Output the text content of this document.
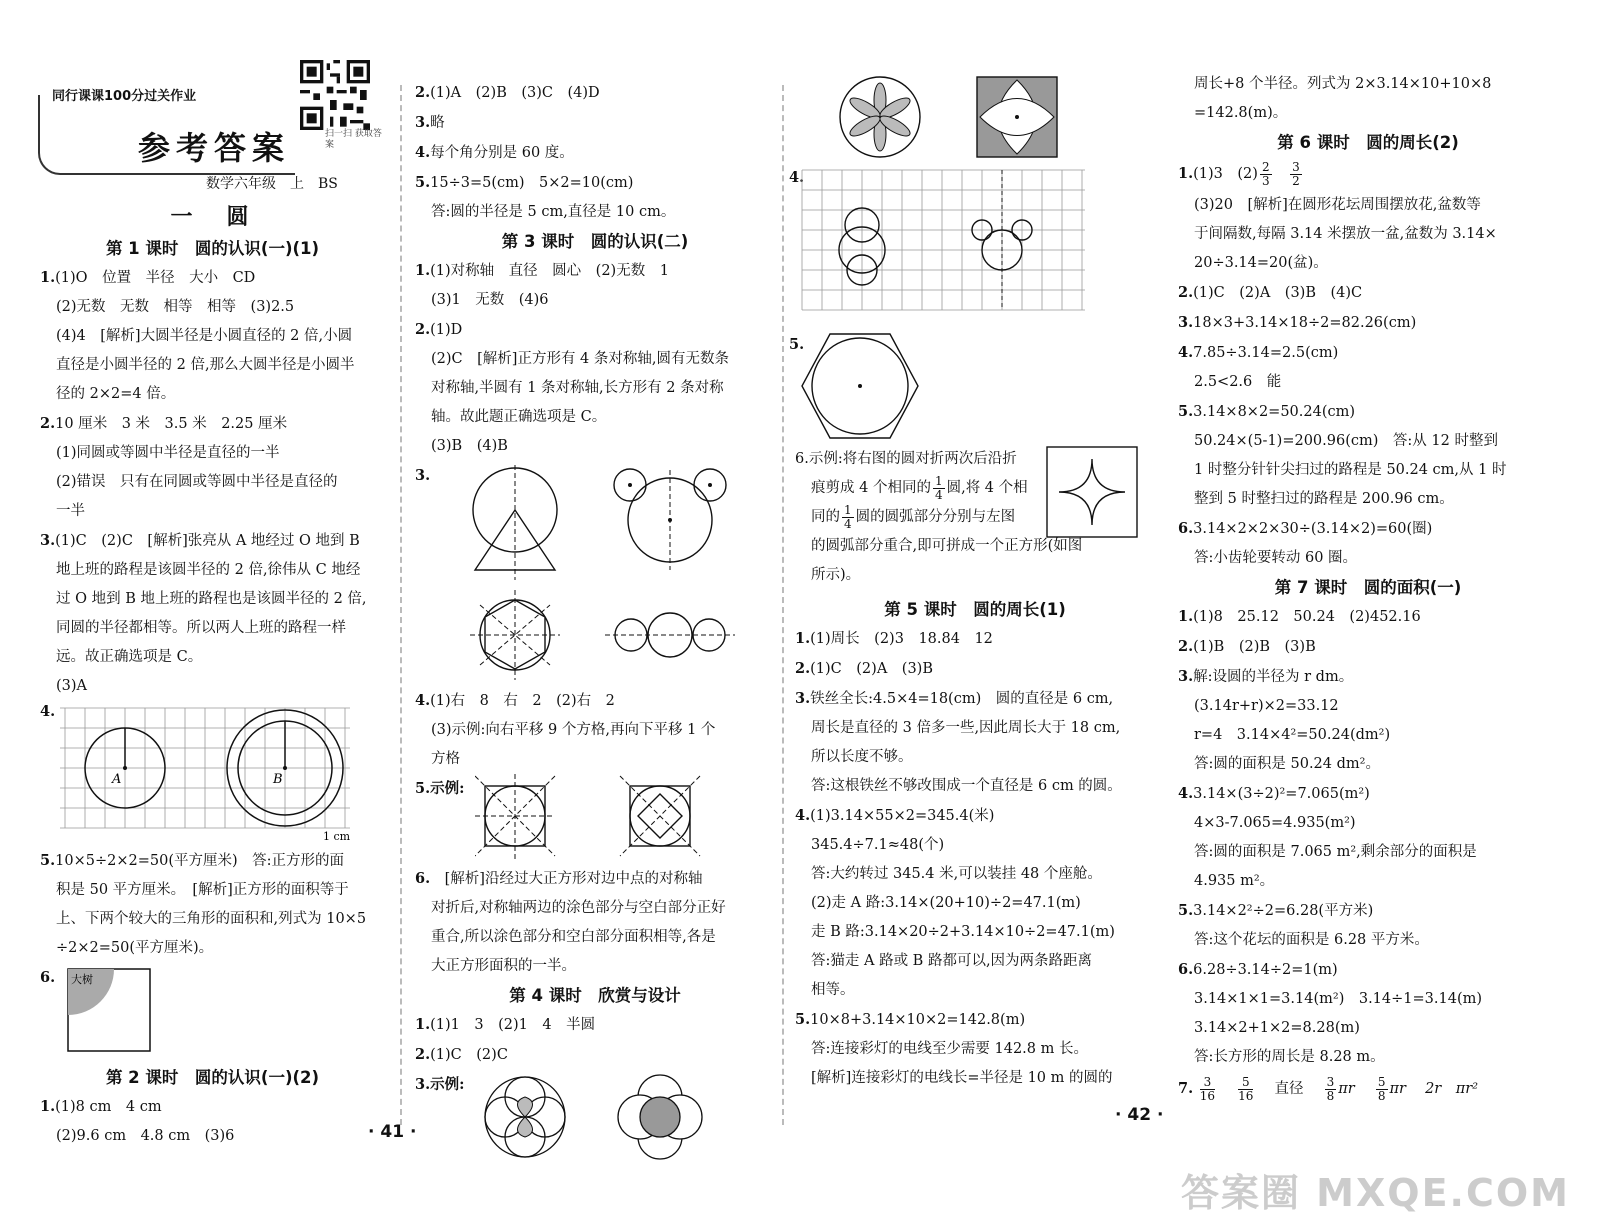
同行课课100分过关作业
参考答案
数学六年级　上　BS
扫一扫 获取答案
一　圆
第 1 课时　圆的认识(一)(1)
1.(1)O　位置　半径　大小　CD
(2)无数　无数　相等　相等　(3)2.5
(4)4　[解析]大圆半径是小圆直径的 2 倍,小圆
直径是小圆半径的 2 倍,那么大圆半径是小圆半
径的 2×2=4 倍。
2.10 厘米　3 米　3.5 米　2.25 厘米
(1)同圆或等圆中半径是直径的一半
(2)错误　只有在同圆或等圆中半径是直径的
一半
3.(1)C　(2)C　[解析]张亮从 A 地经过 O 地到 B
地上班的路程是该圆半径的 2 倍,徐伟从 C 地经
过 O 地到 B 地上班的路程也是该圆半径的 2 倍,
同圆的半径都相等。所以两人上班的路程一样
远。故正确选项是 C。
(3)A
4.
A	B
1 cm
5.10×5÷2×2=50(平方厘米)　答:正方形的面
积是 50 平方厘米。　[解析]正方形的面积等于
上、下两个较大的三角形的面积和,列式为 10×5
÷2×2=50(平方厘米)。
6. 大树
第 2 课时　圆的认识(一)(2)
1.(1)8 cm　4 cm
(2)9.6 cm　4.8 cm　(3)6
2.(1)A　(2)B　(3)C　(4)D
3.略
4.每个角分别是 60 度。
5.15÷3=5(cm)　5×2=10(cm)
答:圆的半径是 5 cm,直径是 10 cm。
第 3 课时　圆的认识(二)
1.(1)对称轴　直径　圆心　(2)无数　1
(3)1　无数　(4)6
2.(1)D
(2)C　[解析]正方形有 4 条对称轴,圆有无数条
对称轴,半圆有 1 条对称轴,长方形有 2 条对称
轴。故此题正确选项是 C。
(3)B　(4)B
3.
4.(1)右　8　右　2　(2)右　2
(3)示例:向右平移 9 个方格,再向下平移 1 个
方格
5.示例:
6.　[解析]沿经过大正方形对边中点的对称轴
对折后,对称轴两边的涂色部分与空白部分正好
重合,所以涂色部分和空白部分面积相等,各是
大正方形面积的一半。
第 4 课时　欣赏与设计
1.(1)1　3　(2)1　4　半圆
2.(1)C　(2)C
3.示例:
4.
5.
6.示例:将右图的圆对折两次后沿折
痕剪成 4 个相同的 $\frac{1}{4}$ 圆,将 4 个相
同的 $\frac{1}{4}$ 圆的圆弧部分分别与左图
的圆弧部分重合,即可拼成一个正方形(如图
所示)。
第 5 课时　圆的周长(1)
1.(1)周长　(2)3　18.84　12
2.(1)C　(2)A　(3)B
3.铁丝全长:4.5×4=18(cm)　圆的直径是 6 cm,
周长是直径的 3 倍多一些,因此周长大于 18 cm,
所以长度不够。
答:这根铁丝不够改围成一个直径是 6 cm 的圆。
4.(1)3.14×55×2=345.4(米)
345.4÷7.1≈48(个)
答:大约转过 345.4 米,可以装挂 48 个座舱。
(2)走 A 路:3.14×(20+10)÷2=47.1(m)
走 B 路:3.14×20÷2+3.14×10÷2=47.1(m)
答:猫走 A 路或 B 路都可以,因为两条路距离
相等。
5.10×8+3.14×10×2=142.8(m)
答:连接彩灯的电线至少需要 142.8 m 长。
[解析]连接彩灯的电线长=半径是 10 m 的圆的
周长+8 个半径。列式为 2×3.14×10+10×8
=142.8(m)。
第 6 课时　圆的周长(2)
1.(1)3　$(2) \frac{2}{3}$
　 $\frac{3}{2}$
(3)20　[解析]在圆形花坛周围摆放花,盆数等
于间隔数,每隔 3.14 米摆放一盆,盆数为 3.14×
20÷3.14=20(盆)。
2.(1)C　(2)A　(3)B　(4)C
3.18×3+3.14×18÷2=82.26(cm)
4.7.85÷3.14=2.5(cm)
2.5<2.6　能
5.3.14×8×2=50.24(cm)
50.24×(5-1)=200.96(cm)　答:从 12 时整到
1 时整分针针尖扫过的路程是 50.24 cm,从 1 时
整到 5 时整扫过的路程是 200.96 cm。
6.3.14×2×2×30÷(3.14×2)=60(圈)
答:小齿轮要转动 60 圈。
第 7 课时　圆的面积(一)
1.(1)8　25.12　50.24　(2)452.16
2.(1)B　(2)B　(3)B
3.解:设圆的半径为 r dm。
(3.14r+r)×2=33.12
r=4　3.14×4²=50.24(dm²)
答:圆的面积是 50.24 dm²。
4.3.14×(3÷2)²=7.065(m²)
4×3-7.065=4.935(m²)
答:圆的面积是 7.065 m²,剩余部分的面积是
4.935 m²。
5.3.14×2²÷2=6.28(平方米)
答:这个花坛的面积是 6.28 平方米。
6.6.28÷3.14÷2=1(m)
3.14×1×1=3.14(m²)　3.14÷1=3.14(m)
3.14×2+1×2=8.28(m)
答:长方形的周长是 8.28 m。
7. $\frac{3}{16}$
　 $\frac{5}{16}$
　 直径　 $\frac{3}{8}$ πr　 $\frac{5}{8}$ πr　 2r　 πr²
· 41 ·
· 42 ·
答案圈 MXQE.COM
